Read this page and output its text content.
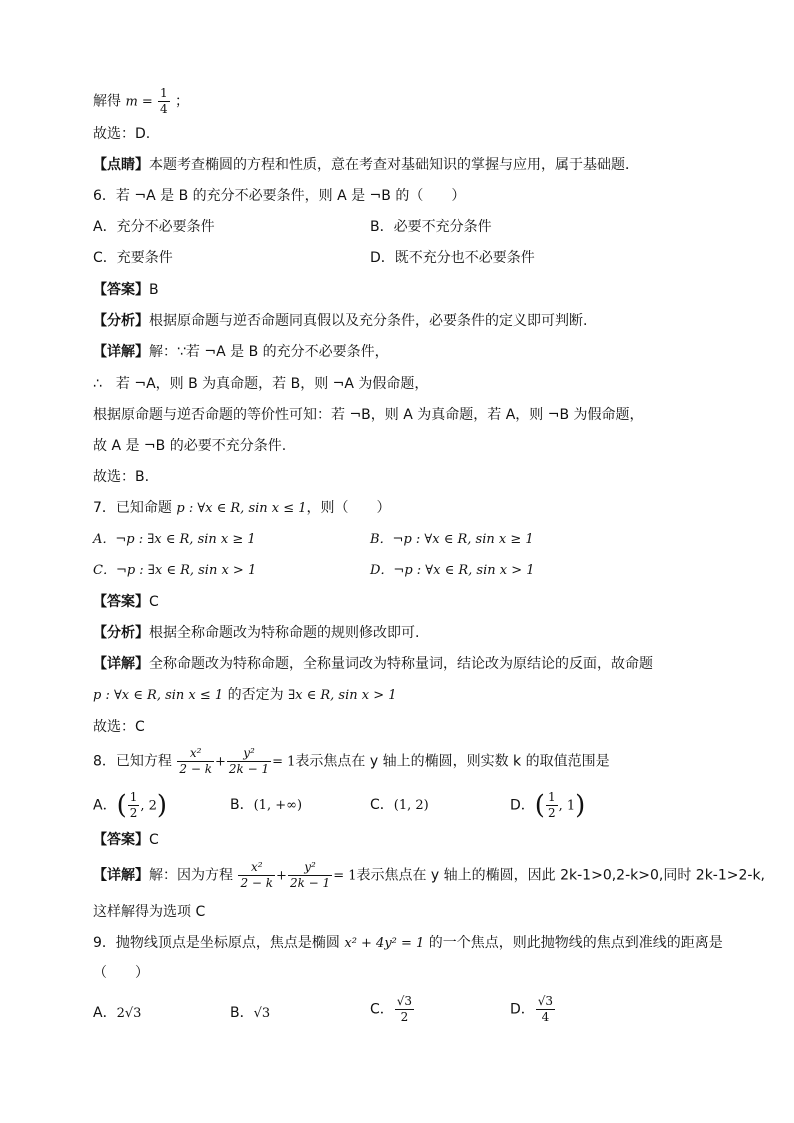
解得 $m = \frac{1}{4}$ ；
故选：D.
【点睛】本题考查椭圆的方程和性质，意在考查对基础知识的掌握与应用，属于基础题．
6．若 ¬A 是 B 的充分不必要条件，则 A 是 ¬B 的（　　）
A．充分不必要条件	B．必要不充分条件
C．充要条件	D．既不充分也不必要条件
【答案】B
【分析】根据原命题与逆否命题同真假以及充分条件，必要条件的定义即可判断.
【详解】解：∵若 ¬A 是 B 的充分不必要条件，
∴　若 ¬A，则 B 为真命题，若 B，则 ¬A 为假命题，
根据原命题与逆否命题的等价性可知：若 ¬B，则 A 为真命题，若 A，则 ¬B 为假命题，
故 A 是 ¬B 的必要不充分条件.
故选：B.
7．已知命题 p : ∀x ∈ R, sin x ≤ 1，则（　　）
A．¬p : ∃x ∈ R, sin x ≥ 1	B．¬p : ∀x ∈ R, sin x ≥ 1
C．¬p : ∃x ∈ R, sin x > 1	D．¬p : ∀x ∈ R, sin x > 1
【答案】C
【分析】根据全称命题改为特称命题的规则修改即可.
【详解】全称命题改为特称命题，全称量词改为特称量词，结论改为原结论的反面，故命题
p : ∀x ∈ R, sin x ≤ 1 的否定为 ∃x ∈ R, sin x > 1
故选：C
8．已知方程 $\frac{\text{x²}}{2 - k} + \frac{\text{y²}}{2k - 1} = 1$表示焦点在 y 轴上的椭圆，则实数 k 的取值范围是
A．( $\frac{1}{2}$ , 2)	B．(1, +∞)	C．(1, 2)	D．( $\frac{1}{2}$ , 1)
【答案】C
【详解】解：因为方程 $\frac{\text{x²}}{2 - k} + \frac{\text{y²}}{2k - 1} = 1$表示焦点在 y 轴上的椭圆，因此 2k-1>0,2-k>0,同时 2k-1>2-k,
这样解得为选项 C
9．抛物线顶点是坐标原点，焦点是椭圆 x² + 4y² = 1 的一个焦点，则此抛物线的焦点到准线的距离是
（　　）
A．2√3	B．√3	C． $\frac{√3}{2}$	D． $\frac{√3}{4}$
